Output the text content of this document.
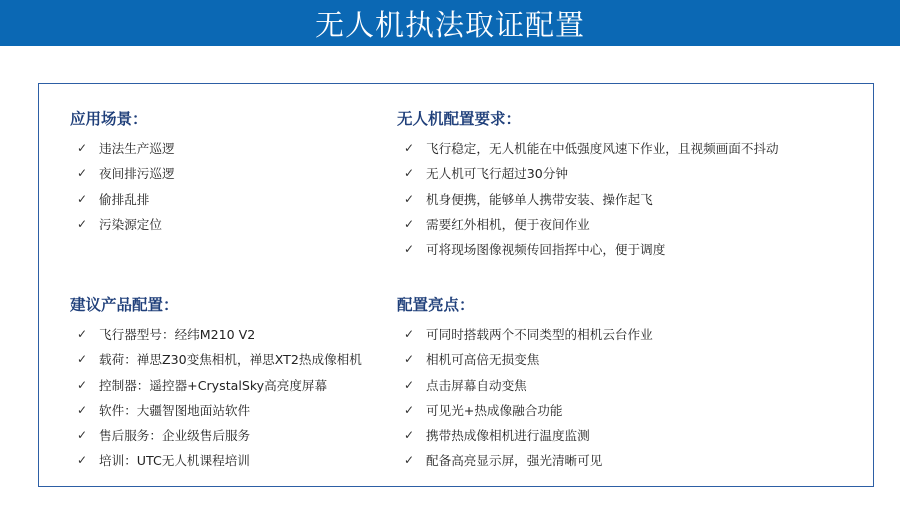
无人机执法取证配置
应用场景：
✓ 违法生产巡逻
✓ 夜间排污巡逻
✓ 偷排乱排
✓ 污染源定位
无人机配置要求：
✓ 飞行稳定，无人机能在中低强度风速下作业，且视频画面不抖动
✓ 无人机可飞行超过30分钟
✓ 机身便携，能够单人携带安装、操作起飞
✓ 需要红外相机，便于夜间作业
✓ 可将现场图像视频传回指挥中心，便于调度
建议产品配置：
✓ 飞行器型号：经纬M210 V2
✓ 载荷：禅思Z30变焦相机，禅思XT2热成像相机
✓ 控制器：遥控器+CrystalSky高亮度屏幕
✓ 软件：大疆智图地面站软件
✓ 售后服务：企业级售后服务
✓ 培训：UTC无人机课程培训
配置亮点：
✓ 可同时搭载两个不同类型的相机云台作业
✓ 相机可高倍无损变焦
✓ 点击屏幕自动变焦
✓ 可见光+热成像融合功能
✓ 携带热成像相机进行温度监测
✓ 配备高亮显示屏，强光清晰可见
